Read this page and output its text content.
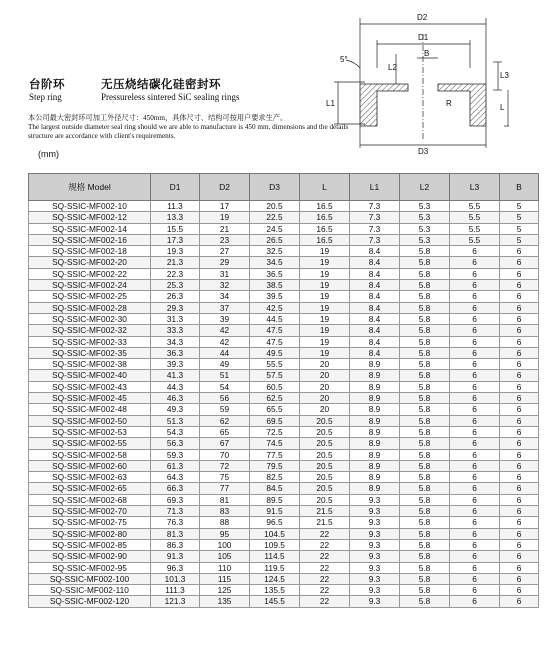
台阶环	无压烧结碳化硅密封环
Step ring	Pressureless sintered SiC sealing rings
本公司最大密封环可加工外径尺寸：450mm，具体尺寸、结构可按用户要求生产。
The largest outside diameter seal ring should we are able to manufacture is 450 mm, dimensions and the details structure are accordance with client's requirements.
(mm)
D2
D1
D3
B
5°
R
L1
L2
L3
L
规格 Model	D1	D2	D3	L	L1	L2	L3	B
SQ-SSIC-MF002-10	11.3	17	20.5	16.5	7.3	5.3	5.5	5
SQ-SSIC-MF002-12	13.3	19	22.5	16.5	7.3	5.3	5.5	5
SQ-SSIC-MF002-14	15.5	21	24.5	16.5	7.3	5.3	5.5	5
SQ-SSIC-MF002-16	17.3	23	26.5	16.5	7.3	5.3	5.5	5
SQ-SSIC-MF002-18	19.3	27	32.5	19	8.4	5.8	6	6
SQ-SSIC-MF002-20	21.3	29	34.5	19	8.4	5.8	6	6
SQ-SSIC-MF002-22	22.3	31	36.5	19	8.4	5.8	6	6
SQ-SSIC-MF002-24	25.3	32	38.5	19	8.4	5.8	6	6
SQ-SSIC-MF002-25	26.3	34	39.5	19	8.4	5.8	6	6
SQ-SSIC-MF002-28	29.3	37	42.5	19	8.4	5.8	6	6
SQ-SSIC-MF002-30	31.3	39	44.5	19	8.4	5.8	6	6
SQ-SSIC-MF002-32	33.3	42	47.5	19	8.4	5.8	6	6
SQ-SSIC-MF002-33	34.3	42	47.5	19	8.4	5.8	6	6
SQ-SSIC-MF002-35	36.3	44	49.5	19	8.4	5.8	6	6
SQ-SSIC-MF002-38	39.3	49	55.5	20	8.9	5.8	6	6
SQ-SSIC-MF002-40	41.3	51	57.5	20	8.9	5.8	6	6
SQ-SSIC-MF002-43	44.3	54	60.5	20	8.9	5.8	6	6
SQ-SSIC-MF002-45	46.3	56	62.5	20	8.9	5.8	6	6
SQ-SSIC-MF002-48	49.3	59	65.5	20	8.9	5.8	6	6
SQ-SSIC-MF002-50	51.3	62	69.5	20.5	8.9	5.8	6	6
SQ-SSIC-MF002-53	54.3	65	72.5	20.5	8.9	5.8	6	6
SQ-SSIC-MF002-55	56.3	67	74.5	20.5	8.9	5.8	6	6
SQ-SSIC-MF002-58	59.3	70	77.5	20.5	8.9	5.8	6	6
SQ-SSIC-MF002-60	61.3	72	79.5	20.5	8.9	5.8	6	6
SQ-SSIC-MF002-63	64.3	75	82.5	20.5	8.9	5.8	6	6
SQ-SSIC-MF002-65	66.3	77	84.5	20.5	8.9	5.8	6	6
SQ-SSIC-MF002-68	69.3	81	89.5	20.5	9.3	5.8	6	6
SQ-SSIC-MF002-70	71.3	83	91.5	21.5	9.3	5.8	6	6
SQ-SSIC-MF002-75	76.3	88	96.5	21.5	9.3	5.8	6	6
SQ-SSIC-MF002-80	81.3	95	104.5	22	9.3	5.8	6	6
SQ-SSIC-MF002-85	86.3	100	109.5	22	9.3	5.8	6	6
SQ-SSIC-MF002-90	91.3	105	114.5	22	9.3	5.8	6	6
SQ-SSIC-MF002-95	96.3	110	119.5	22	9.3	5.8	6	6
SQ-SSIC-MF002-100	101.3	115	124.5	22	9.3	5.8	6	6
SQ-SSIC-MF002-110	111.3	125	135.5	22	9.3	5.8	6	6
SQ-SSIC-MF002-120	121.3	135	145.5	22	9.3	5.8	6	6
